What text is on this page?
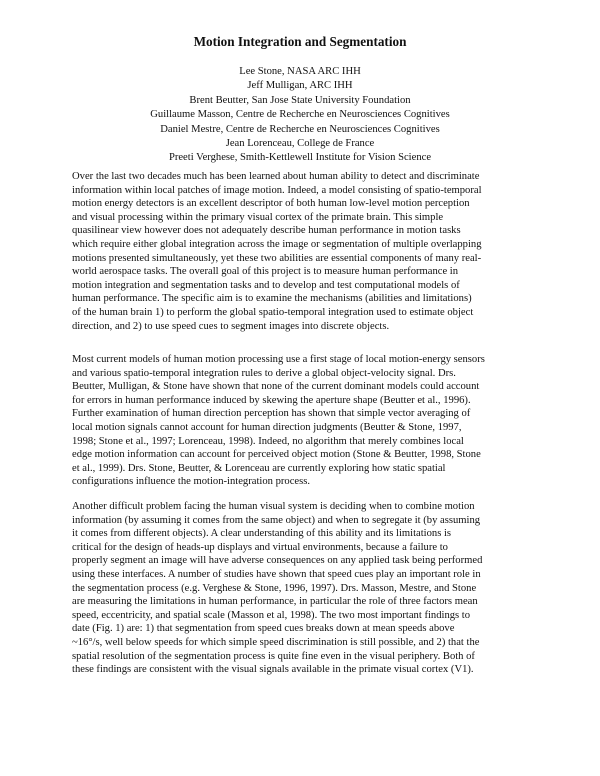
Motion Integration and Segmentation
Lee Stone, NASA ARC IHH
Jeff Mulligan, ARC IHH
Brent Beutter, San Jose State University Foundation
Guillaume Masson, Centre de Recherche en Neurosciences Cognitives
Daniel Mestre, Centre de Recherche en Neurosciences Cognitives
Jean Lorenceau, College de France
Preeti Verghese, Smith-Kettlewell Institute for Vision Science

Over the last two decades much has been learned about human ability to detect and discriminate
information within local patches of image motion. Indeed, a model consisting of spatio-temporal
motion energy detectors is an excellent descriptor of both human low-level motion perception
and visual processing within the primary visual cortex of the primate brain. This simple
quasilinear view however does not adequately describe human performance in motion tasks
which require either global integration across the image or segmentation of multiple overlapping
motions presented simultaneously, yet these two abilities are essential components of many real-
world aerospace tasks. The overall goal of this project is to measure human performance in
motion integration and segmentation tasks and to develop and test computational models of
human performance. The specific aim is to examine the mechanisms (abilities and limitations)
of the human brain 1) to perform the global spatio-temporal integration used to estimate object
direction, and 2) to use speed cues to segment images into discrete objects.

Most current models of human motion processing use a first stage of local motion-energy sensors
and various spatio-temporal integration rules to derive a global object-velocity signal. Drs.
Beutter, Mulligan, & Stone have shown that none of the current dominant models could account
for errors in human performance induced by skewing the aperture shape (Beutter et al., 1996).
Further examination of human direction perception has shown that simple vector averaging of
local motion signals cannot account for human direction judgments (Beutter & Stone, 1997,
1998; Stone et al., 1997; Lorenceau, 1998). Indeed, no algorithm that merely combines local
edge motion information can account for perceived object motion (Stone & Beutter, 1998, Stone
et al., 1999). Drs. Stone, Beutter, & Lorenceau are currently exploring how static spatial
configurations influence the motion-integration process.

Another difficult problem facing the human visual system is deciding when to combine motion
information (by assuming it comes from the same object) and when to segregate it (by assuming
it comes from different objects). A clear understanding of this ability and its limitations is
critical for the design of heads-up displays and virtual environments, because a failure to
properly segment an image will have adverse consequences on any applied task being performed
using these interfaces. A number of studies have shown that speed cues play an important role in
the segmentation process (e.g. Verghese & Stone, 1996, 1997). Drs. Masson, Mestre, and Stone
are measuring the limitations in human performance, in particular the role of three factors mean
speed, eccentricity, and spatial scale (Masson et al, 1998). The two most important findings to
date (Fig. 1) are: 1) that segmentation from speed cues breaks down at mean speeds above
~16°/s, well below speeds for which simple speed discrimination is still possible, and 2) that the
spatial resolution of the segmentation process is quite fine even in the visual periphery. Both of
these findings are consistent with the visual signals available in the primate visual cortex (V1).
